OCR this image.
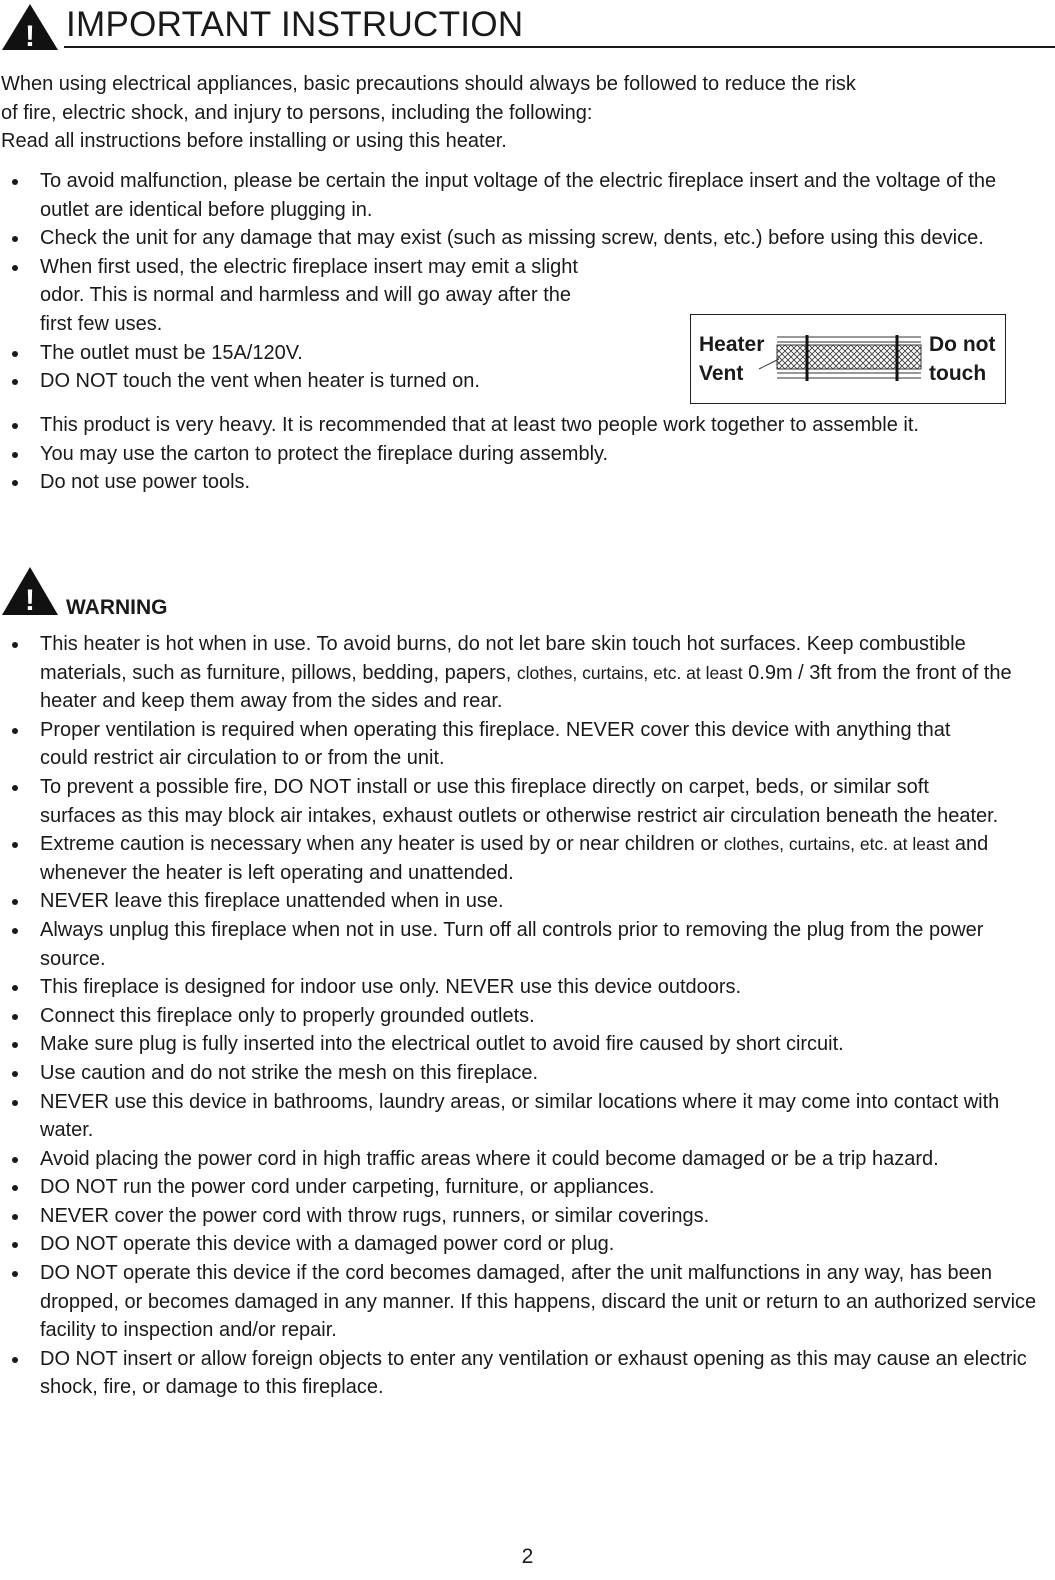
! IMPORTANT INSTRUCTION

When using electrical appliances, basic precautions should always be followed to reduce the risk

of fire, electric shock, and injury to persons, including the following:

Read all instructions before installing or using this heater.

To avoid malfunction, please be certain the input voltage of the electric fireplace insert and the voltage of the outlet are identical before plugging in.
Check the unit for any damage that may exist (such as missing screw, dents, etc.) before using this device.
When first used, the electric fireplace insert may emit a slight odor. This is normal and harmless and will go away after the first few uses.
The outlet must be 15A/120V.
DO NOT touch the vent when heater is turned on.
Heater
Vent
Do not
touch
This product is very heavy. It is recommended that at least two people work together to assemble it.
You may use the carton to protect the fireplace during assembly.
Do not use power tools.
! WARNING
This heater is hot when in use. To avoid burns, do not let bare skin touch hot surfaces. Keep combustible materials, such as furniture, pillows, bedding, papers, clothes, curtains, etc. at least 0.9m / 3ft from the front of the heater and keep them away from the sides and rear.
Proper ventilation is required when operating this fireplace. NEVER cover this device with anything that could restrict air circulation to or from the unit.
To prevent a possible fire, DO NOT install or use this fireplace directly on carpet, beds, or similar soft surfaces as this may block air intakes, exhaust outlets or otherwise restrict air circulation beneath the heater.
Extreme caution is necessary when any heater is used by or near children or clothes, curtains, etc. at least and whenever the heater is left operating and unattended.
NEVER leave this fireplace unattended when in use.
Always unplug this fireplace when not in use. Turn off all controls prior to removing the plug from the power source.
This fireplace is designed for indoor use only. NEVER use this device outdoors.
Connect this fireplace only to properly grounded outlets.
Make sure plug is fully inserted into the electrical outlet to avoid fire caused by short circuit.
Use caution and do not strike the mesh on this fireplace.
NEVER use this device in bathrooms, laundry areas, or similar locations where it may come into contact with water.
Avoid placing the power cord in high traffic areas where it could become damaged or be a trip hazard.
DO NOT run the power cord under carpeting, furniture, or appliances.
NEVER cover the power cord with throw rugs, runners, or similar coverings.
DO NOT operate this device with a damaged power cord or plug.
DO NOT operate this device if the cord becomes damaged, after the unit malfunctions in any way, has been dropped, or becomes damaged in any manner. If this happens, discard the unit or return to an authorized service facility to inspection and/or repair.
DO NOT insert or allow foreign objects to enter any ventilation or exhaust opening as this may cause an electric shock, fire, or damage to this fireplace.
2
